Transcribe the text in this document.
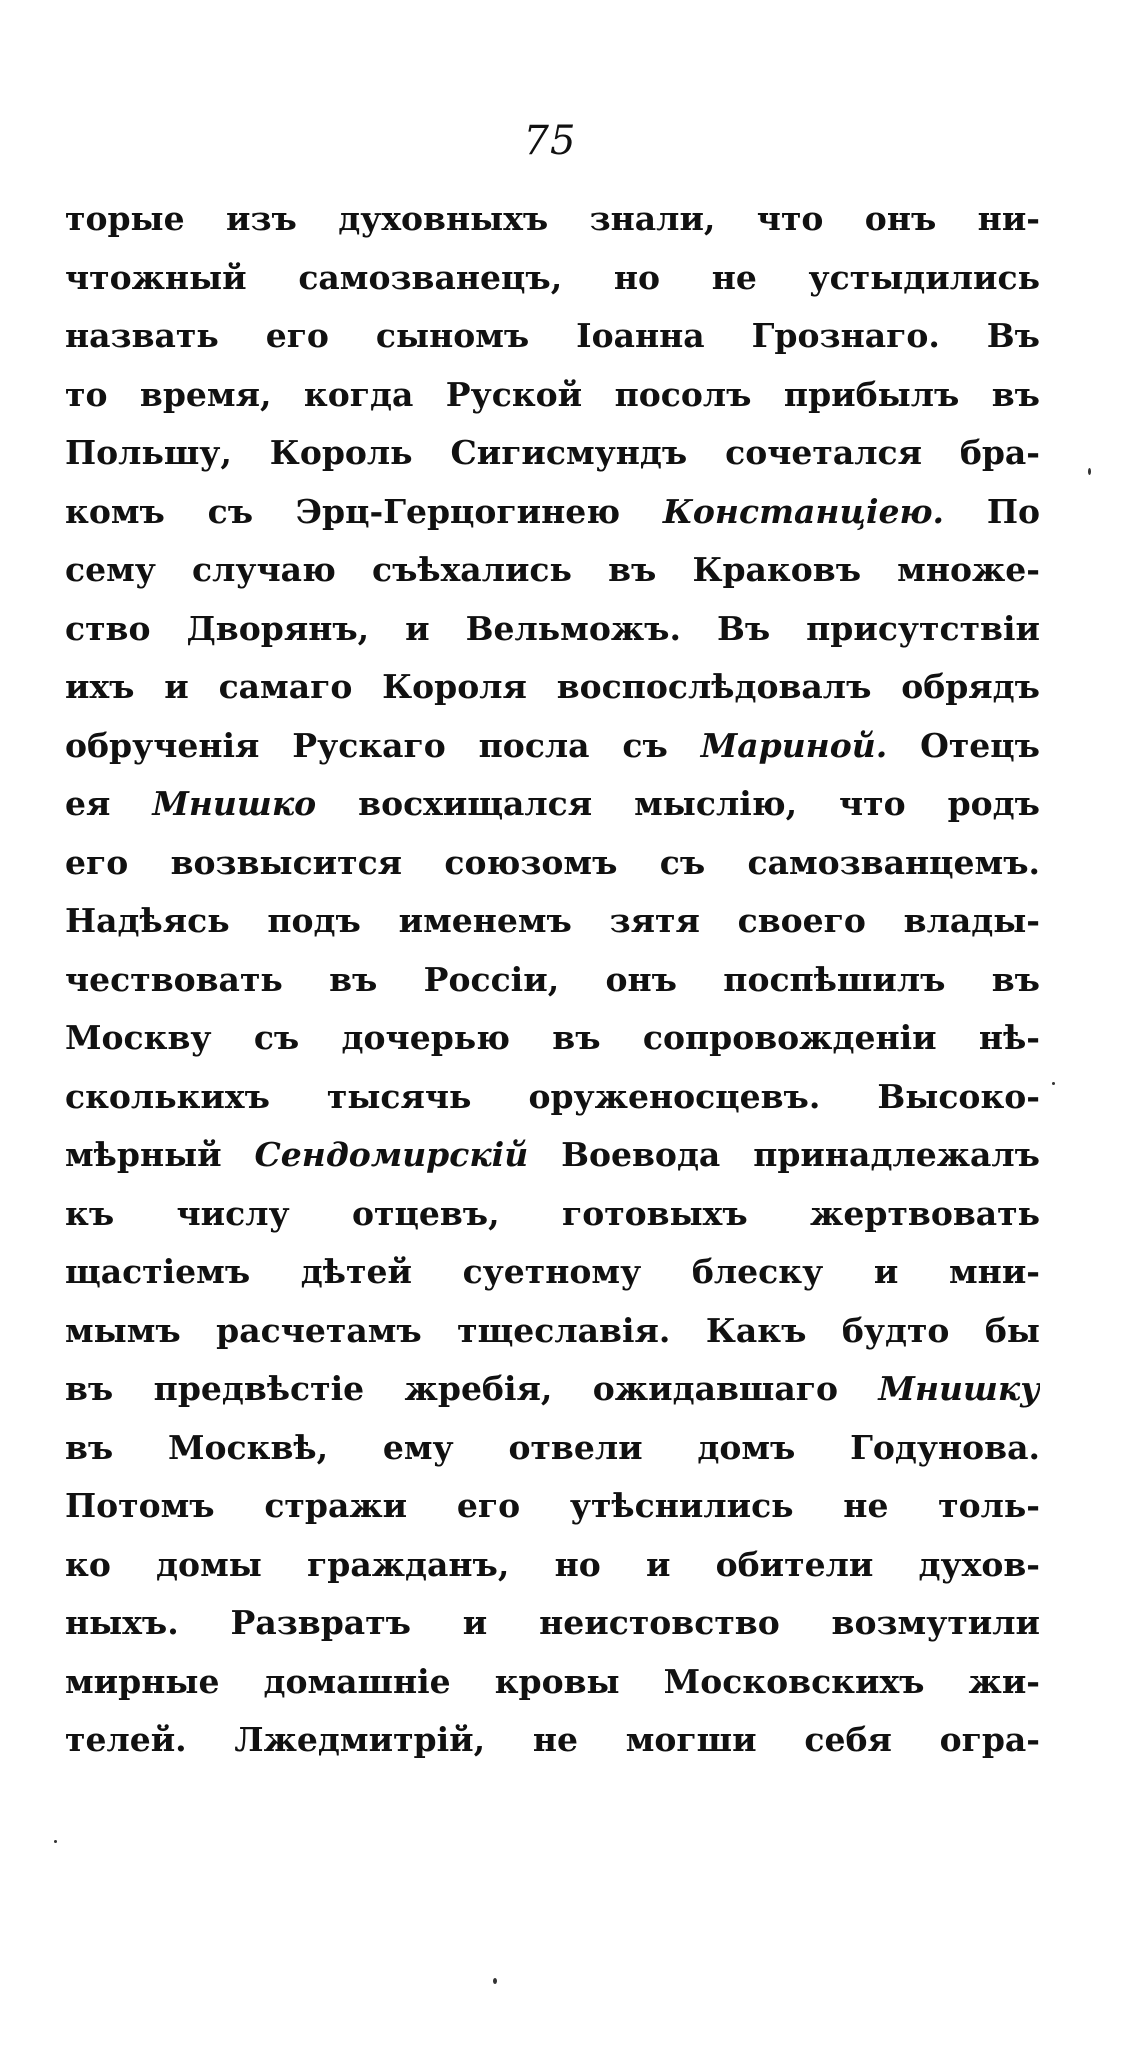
75
торые изъ духовныхъ знали, что онъ ни-
чтожный самозванецъ, но не устыдились
назвать его сыномъ Іоанна Грознаго. Въ
то время, когда Руской посолъ прибылъ въ
Польшу, Король Сигисмундъ сочетался бра-
комъ съ Эрц-Герцогинею Констанціею. По
сему случаю съѣхались въ Краковъ множе-
ство Дворянъ, и Вельможъ. Въ присутствіи
ихъ и самаго Короля воспослѣдовалъ обрядъ
обрученія Рускаго посла съ Мариной. Отецъ
ея Мнишко восхищался мыслію, что родъ
его возвысится союзомъ съ самозванцемъ.
Надѣясь подъ именемъ зятя своего влады-
чествовать въ Россіи, онъ поспѣшилъ въ
Москву съ дочерью въ сопровожденіи нѣ-
сколькихъ тысячь оруженосцевъ. Высоко-
мѣрный Сендомирскій Воевода принадлежалъ
къ числу отцевъ, готовыхъ жертвовать
щастіемъ дѣтей суетному блеску и мни-
мымъ расчетамъ тщеславія. Какъ будто бы
въ предвѣстіе жребія, ожидавшаго Мнишку
въ Москвѣ, ему отвели домъ Годунова.
Потомъ стражи его утѣснились не толь-
ко домы гражданъ, но и обители духов-
ныхъ. Развратъ и неистовство возмутили
мирные домашніе кровы Московскихъ жи-
телей. Лжедмитрій, не могши себя огра-
